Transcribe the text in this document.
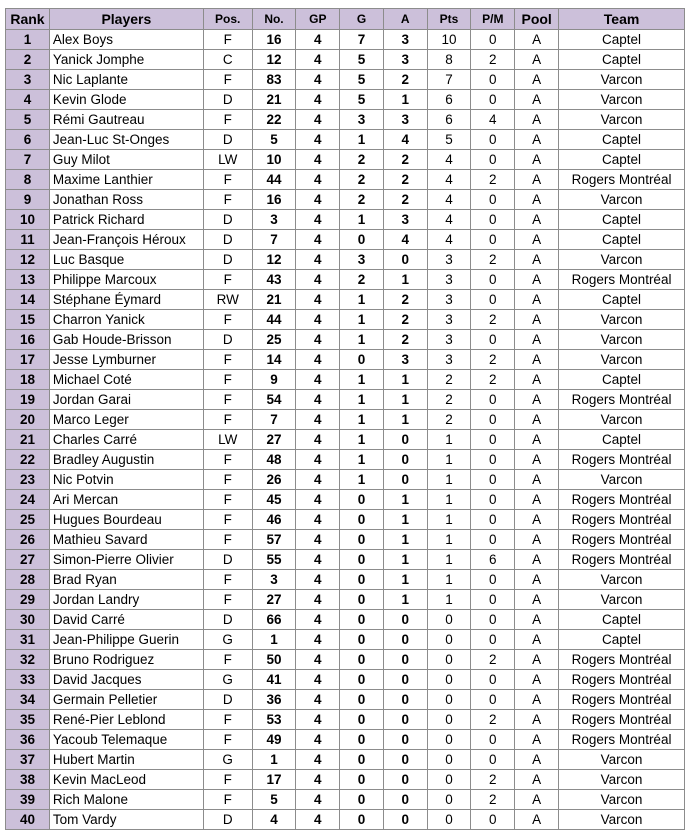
Rank	Players	Pos.	No.	GP	G	A	Pts	P/M	Pool	Team
1	Alex Boys	F	16	4	7	3	10	0	A	Captel
2	Yanick Jomphe	C	12	4	5	3	8	2	A	Captel
3	Nic Laplante	F	83	4	5	2	7	0	A	Varcon
4	Kevin Glode	D	21	4	5	1	6	0	A	Varcon
5	Rémi Gautreau	F	22	4	3	3	6	4	A	Varcon
6	Jean-Luc St-Onges	D	5	4	1	4	5	0	A	Captel
7	Guy Milot	LW	10	4	2	2	4	0	A	Captel
8	Maxime Lanthier	F	44	4	2	2	4	2	A	Rogers Montréal
9	Jonathan Ross	F	16	4	2	2	4	0	A	Varcon
10	Patrick Richard	D	3	4	1	3	4	0	A	Captel
11	Jean-François Héroux	D	7	4	0	4	4	0	A	Captel
12	Luc Basque	D	12	4	3	0	3	2	A	Varcon
13	Philippe Marcoux	F	43	4	2	1	3	0	A	Rogers Montréal
14	Stéphane Éymard	RW	21	4	1	2	3	0	A	Captel
15	Charron Yanick	F	44	4	1	2	3	2	A	Varcon
16	Gab Houde-Brisson	D	25	4	1	2	3	0	A	Varcon
17	Jesse Lymburner	F	14	4	0	3	3	2	A	Varcon
18	Michael Coté	F	9	4	1	1	2	2	A	Captel
19	Jordan Garai	F	54	4	1	1	2	0	A	Rogers Montréal
20	Marco Leger	F	7	4	1	1	2	0	A	Varcon
21	Charles Carré	LW	27	4	1	0	1	0	A	Captel
22	Bradley Augustin	F	48	4	1	0	1	0	A	Rogers Montréal
23	Nic Potvin	F	26	4	1	0	1	0	A	Varcon
24	Ari Mercan	F	45	4	0	1	1	0	A	Rogers Montréal
25	Hugues Bourdeau	F	46	4	0	1	1	0	A	Rogers Montréal
26	Mathieu Savard	F	57	4	0	1	1	0	A	Rogers Montréal
27	Simon-Pierre Olivier	D	55	4	0	1	1	6	A	Rogers Montréal
28	Brad Ryan	F	3	4	0	1	1	0	A	Varcon
29	Jordan Landry	F	27	4	0	1	1	0	A	Varcon
30	David Carré	D	66	4	0	0	0	0	A	Captel
31	Jean-Philippe Guerin	G	1	4	0	0	0	0	A	Captel
32	Bruno Rodriguez	F	50	4	0	0	0	2	A	Rogers Montréal
33	David Jacques	G	41	4	0	0	0	0	A	Rogers Montréal
34	Germain Pelletier	D	36	4	0	0	0	0	A	Rogers Montréal
35	René-Pier Leblond	F	53	4	0	0	0	2	A	Rogers Montréal
36	Yacoub Telemaque	F	49	4	0	0	0	0	A	Rogers Montréal
37	Hubert Martin	G	1	4	0	0	0	0	A	Varcon
38	Kevin MacLeod	F	17	4	0	0	0	2	A	Varcon
39	Rich Malone	F	5	4	0	0	0	2	A	Varcon
40	Tom Vardy	D	4	4	0	0	0	0	A	Varcon
